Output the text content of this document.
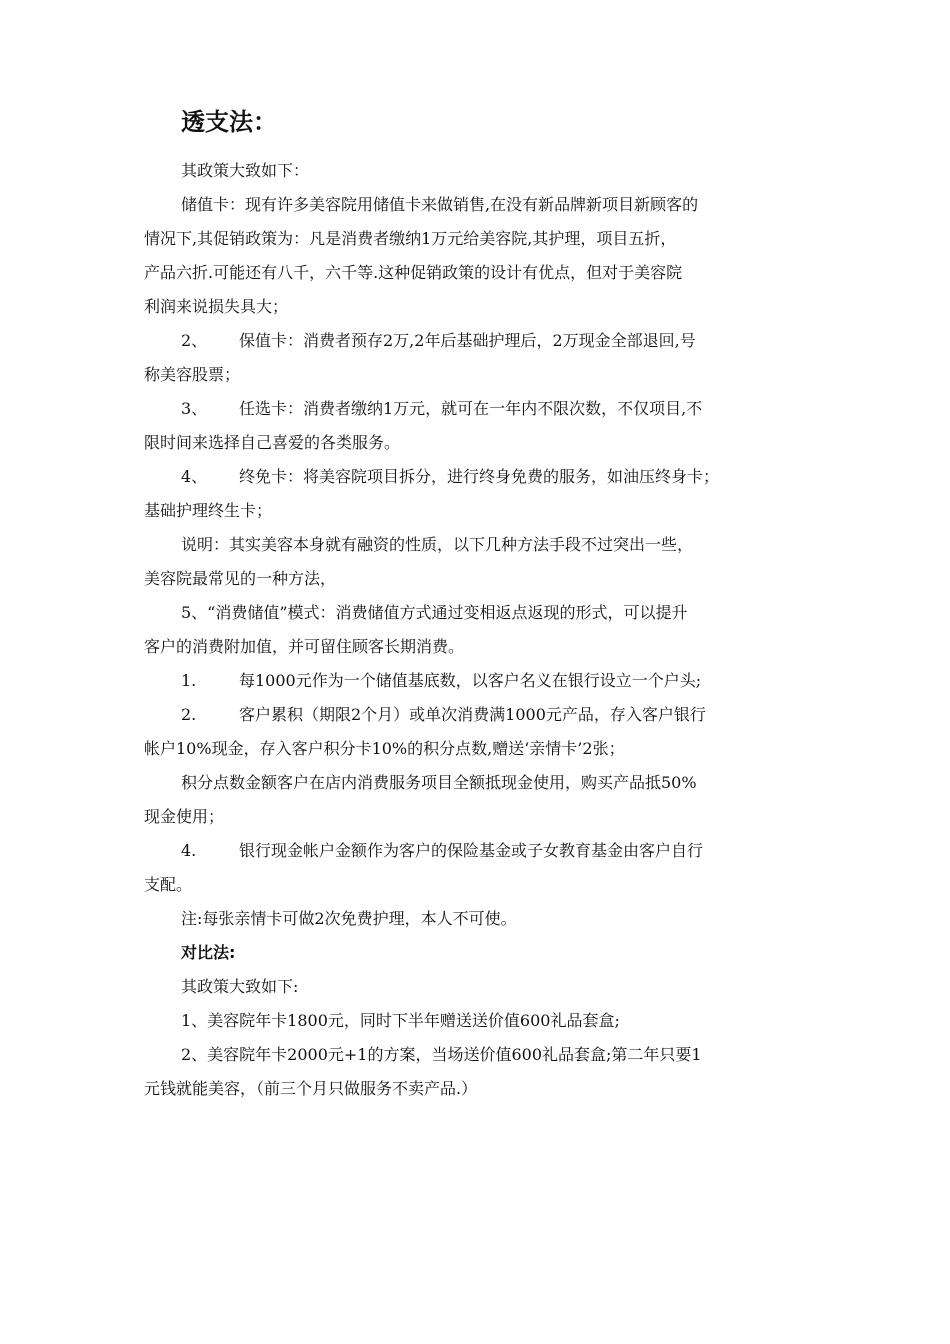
透支法：
其政策大致如下：
储值卡：现有许多美容院用储值卡来做销售,在没有新品牌新项目新顾客的
情况下,其促销政策为：凡是消费者缴纳1万元给美容院,其护理，项目五折，
产品六折.可能还有八千，六千等.这种促销政策的设计有优点，但对于美容院
利润来说损失具大；
2、 保值卡：消费者预存2万,2年后基础护理后，2万现金全部退回,号
称美容股票；
3、 任选卡：消费者缴纳1万元，就可在一年内不限次数，不仅项目,不
限时间来选择自己喜爱的各类服务。
4、 终免卡：将美容院项目拆分，进行终身免费的服务，如油压终身卡；
基础护理终生卡；
说明：其实美容本身就有融资的性质，以下几种方法手段不过突出一些，
美容院最常见的一种方法，
5、“消费储值”模式：消费储值方式通过变相返点返现的形式，可以提升
客户的消费附加值，并可留住顾客长期消费。
1.	每1000元作为一个储值基底数，以客户名义在银行设立一个户头;
2.	客户累积（期限2个月）或单次消费满1000元产品，存入客户银行
帐户10%现金，存入客户积分卡10%的积分点数,赠送‘亲情卡’2张；
积分点数金额客户在店内消费服务项目全额抵现金使用，购买产品抵50%
现金使用；
4.	银行现金帐户金额作为客户的保险基金或子女教育基金由客户自行
支配。
注:每张亲情卡可做2次免费护理，本人不可使。
对比法:
其政策大致如下:
1、美容院年卡1800元，同时下半年赠送送价值600礼品套盒;
2、美容院年卡2000元+1的方案，当场送价值600礼品套盒;第二年只要1
元钱就能美容，（前三个月只做服务不卖产品.）
